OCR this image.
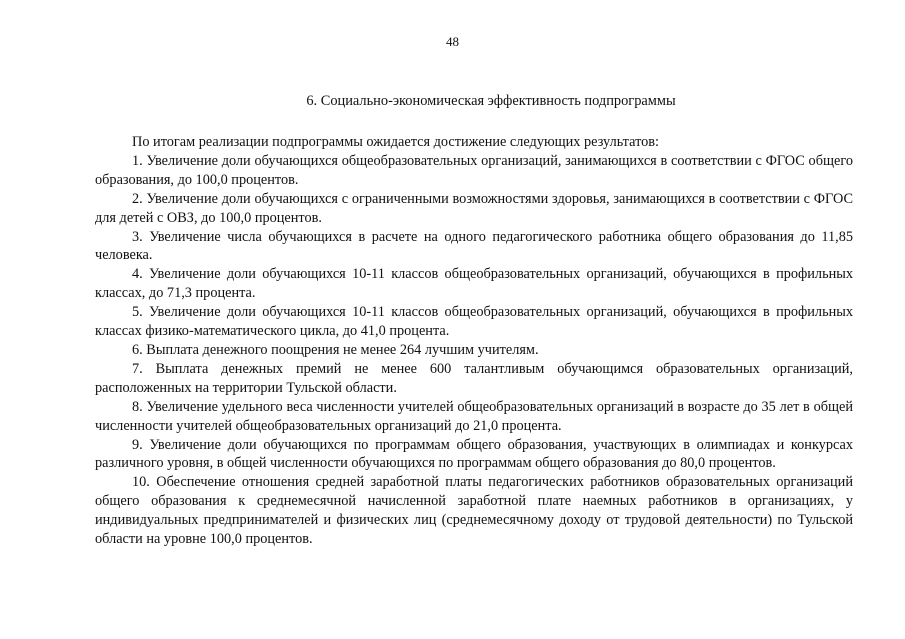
48
6. Социально-экономическая эффективность подпрограммы

По итогам реализации подпрограммы ожидается достижение следующих результатов:

1. Увеличение доли обучающихся общеобразовательных организаций, занимающихся в соответствии с ФГОС общего образования, до 100,0 процентов.

2. Увеличение доли обучающихся с ограниченными возможностями здоровья, занимающихся в соответствии с ФГОС для детей с ОВЗ, до 100,0 процентов.

3. Увеличение числа обучающихся в расчете на одного педагогического работника общего образования до 11,85 человека.

4. Увеличение доли обучающихся 10-11 классов общеобразовательных организаций, обучающихся в профильных классах, до 71,3 процента.

5. Увеличение доли обучающихся 10-11 классов общеобразовательных организаций, обучающихся в профильных классах физико-математического цикла, до 41,0 процента.

6. Выплата денежного поощрения не менее 264 лучшим учителям.

7. Выплата денежных премий не менее 600 талантливым обучающимся образовательных организаций, расположенных на территории Тульской области.

8. Увеличение удельного веса численности учителей общеобразовательных организаций в возрасте до 35 лет в общей численности учителей общеобразовательных организаций до 21,0 процента.

9. Увеличение доли обучающихся по программам общего образования, участвующих в олимпиадах и конкурсах различного уровня, в общей численности обучающихся по программам общего образования до 80,0 процентов.

10. Обеспечение отношения средней заработной платы педагогических работников образовательных организаций общего образования к среднемесячной начисленной заработной плате наемных работников в организациях, у индивидуальных предпринимателей и физических лиц (среднемесячному доходу от трудовой деятельности) по Тульской области на уровне 100,0 процентов.
